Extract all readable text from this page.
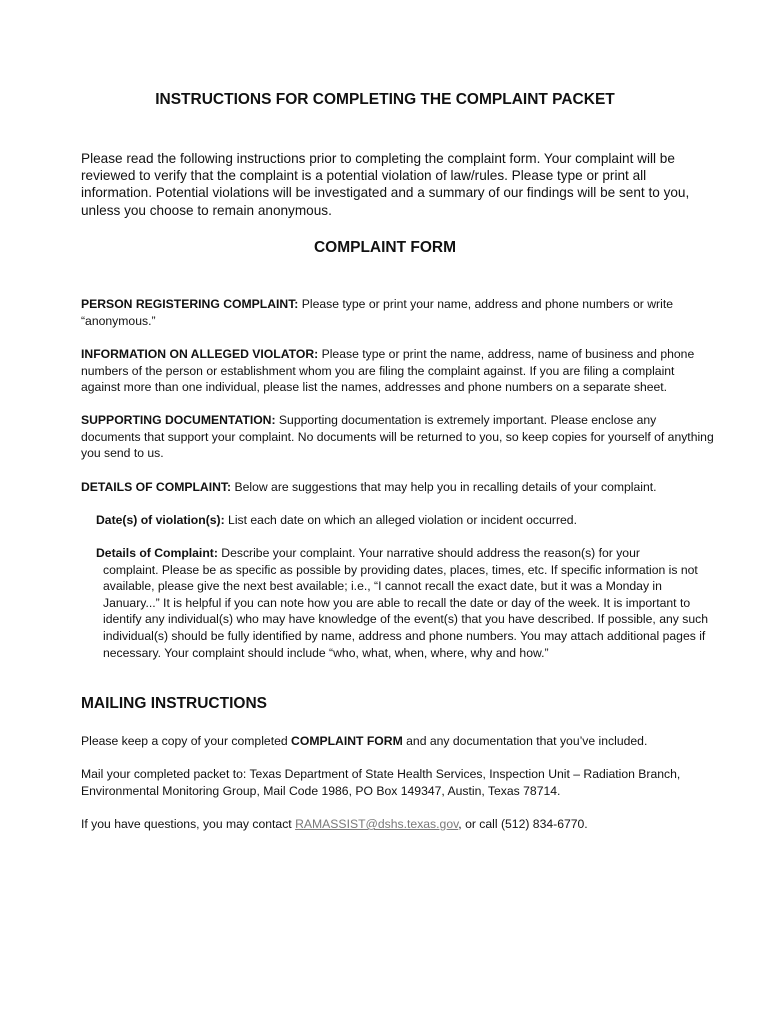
INSTRUCTIONS FOR COMPLETING THE COMPLAINT PACKET

Please read the following instructions prior to completing the complaint form. Your complaint will be reviewed to verify that the complaint is a potential violation of law/rules. Please type or print all information. Potential violations will be investigated and a summary of our findings will be sent to you, unless you choose to remain anonymous.

COMPLAINT FORM

PERSON REGISTERING COMPLAINT: Please type or print your name, address and phone numbers or write “anonymous.”

INFORMATION ON ALLEGED VIOLATOR: Please type or print the name, address, name of business and phone numbers of the person or establishment whom you are filing the complaint against. If you are filing a complaint against more than one individual, please list the names, addresses and phone numbers on a separate sheet.

SUPPORTING DOCUMENTATION: Supporting documentation is extremely important. Please enclose any documents that support your complaint. No documents will be returned to you, so keep copies for yourself of anything you send to us.

DETAILS OF COMPLAINT: Below are suggestions that may help you in recalling details of your complaint.

Date(s) of violation(s): List each date on which an alleged violation or incident occurred.

Details of Complaint: Describe your complaint. Your narrative should address the reason(s) for your
complaint. Please be as specific as possible by providing dates, places, times, etc. If specific information is not available, please give the next best available; i.e., “I cannot recall the exact date, but it was a Monday in January...” It is helpful if you can note how you are able to recall the date or day of the week. It is important to identify any individual(s) who may have knowledge of the event(s) that you have described. If possible, any such individual(s) should be fully identified by name, address and phone numbers. You may attach additional pages if necessary. Your complaint should include “who, what, when, where, why and how.”

MAILING INSTRUCTIONS

Please keep a copy of your completed COMPLAINT FORM and any documentation that you’ve included.

Mail your completed packet to: Texas Department of State Health Services, Inspection Unit – Radiation Branch, Environmental Monitoring Group, Mail Code 1986, PO Box 149347, Austin, Texas 78714.

If you have questions, you may contact RAMASSIST@dshs.texas.gov, or call (512) 834-6770.
